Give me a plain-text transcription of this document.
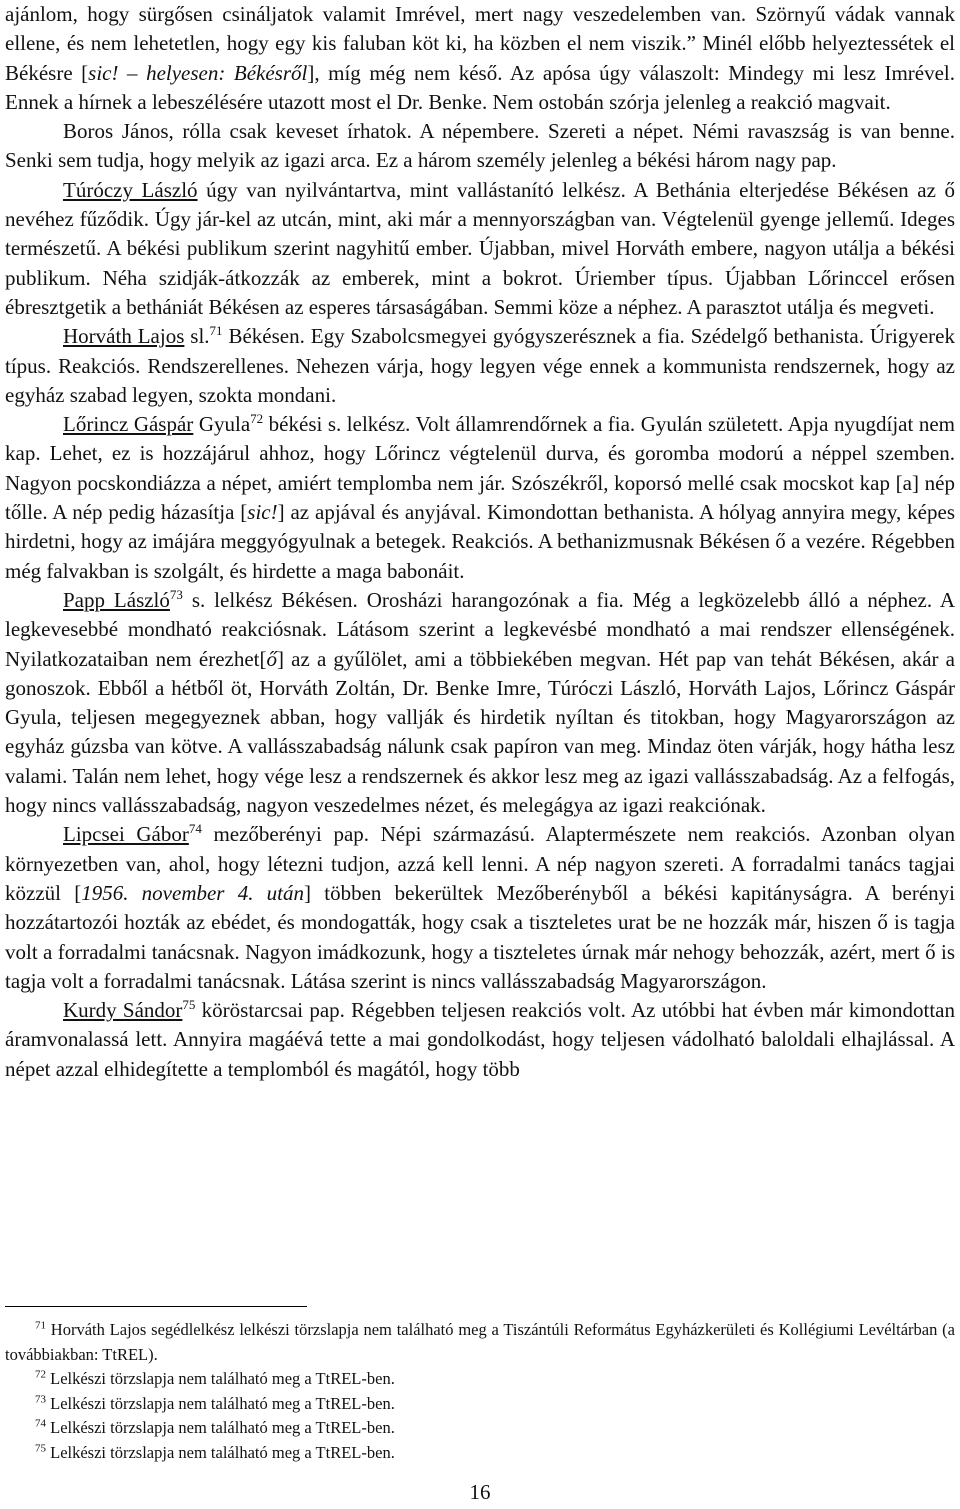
ajánlom, hogy sürgősen csináljatok valamit Imrével, mert nagy veszedelemben van. Szörnyű vádak vannak ellene, és nem lehetetlen, hogy egy kis faluban köt ki, ha közben el nem viszik.” Minél előbb helyeztessétek el Békésre [sic! – helyesen: Békésről], míg még nem késő. Az apósa úgy válaszolt: Mindegy mi lesz Imrével. Ennek a hírnek a lebeszélésére utazott most el Dr. Benke. Nem ostobán szórja jelenleg a reakció magvait.

Boros János, rólla csak keveset írhatok. A népembere. Szereti a népet. Némi ravaszság is van benne. Senki sem tudja, hogy melyik az igazi arca. Ez a három személy jelenleg a békési három nagy pap.

Túróczy László úgy van nyilvántartva, mint vallástanító lelkész. A Bethánia elterjedése Békésen az ő nevéhez fűződik. Úgy jár-kel az utcán, mint, aki már a mennyországban van. Végtelenül gyenge jellemű. Ideges természetű. A békési publikum szerint nagyhitű ember. Újabban, mivel Horváth embere, nagyon utálja a békési publikum. Néha szidják-átkozzák az emberek, mint a bokrot. Úriember típus. Újabban Lőrinccel erősen ébresztgetik a bethániát Békésen az esperes társaságában. Semmi köze a néphez. A parasztot utálja és megveti.

Horváth Lajos sl.$^{71}$ Békésen. Egy Szabolcsmegyei gyógyszerésznek a fia. Szédelgő bethanista. Úrigyerek típus. Reakciós. Rendszerellenes. Nehezen várja, hogy legyen vége ennek a kommunista rendszernek, hogy az egyház szabad legyen, szokta mondani.

Lőrincz Gáspár Gyula$^{72}$ békési s. lelkész. Volt államrendőrnek a fia. Gyulán született. Apja nyugdíjat nem kap. Lehet, ez is hozzájárul ahhoz, hogy Lőrincz végtelenül durva, és goromba modorú a néppel szemben. Nagyon pocskondiázza a népet, amiért templomba nem jár. Szószékről, koporsó mellé csak mocskot kap [a] nép tőlle. A nép pedig házasítja [sic!] az apjával és anyjával. Kimondottan bethanista. A hólyag annyira megy, képes hirdetni, hogy az imájára meggyógyulnak a betegek. Reakciós. A bethanizmusnak Békésen ő a vezére. Régebben még falvakban is szolgált, és hirdette a maga babonáit.

Papp László$^{73}$ s. lelkész Békésen. Orosházi harangozónak a fia. Még a legközelebb álló a néphez. A legkevesebbé mondható reakciósnak. Látásom szerint a legkevésbé mondható a mai rendszer ellenségének. Nyilatkozataiban nem érezhet[ő] az a gyűlölet, ami a többiekében megvan. Hét pap van tehát Békésen, akár a gonoszok. Ebből a hétből öt, Horváth Zoltán, Dr. Benke Imre, Túróczi László, Horváth Lajos, Lőrincz Gáspár Gyula, teljesen megegyeznek abban, hogy vallják és hirdetik nyíltan és titokban, hogy Magyarországon az egyház gúzsba van kötve. A vallásszabadság nálunk csak papíron van meg. Mindaz öten várják, hogy hátha lesz valami. Talán nem lehet, hogy vége lesz a rendszernek és akkor lesz meg az igazi vallásszabadság. Az a felfogás, hogy nincs vallásszabadság, nagyon veszedelmes nézet, és melegágya az igazi reakciónak.

Lipcsei Gábor$^{74}$ mezőberényi pap. Népi származású. Alaptermészete nem reakciós. Azonban olyan környezetben van, ahol, hogy létezni tudjon, azzá kell lenni. A nép nagyon szereti. A forradalmi tanács tagjai közzül [1956. november 4. után] többen bekerültek Mezőberényből a békési kapitányságra. A berényi hozzátartozói hozták az ebédet, és mondogatták, hogy csak a tiszteletes urat be ne hozzák már, hiszen ő is tagja volt a forradalmi tanácsnak. Nagyon imádkozunk, hogy a tiszteletes úrnak már nehogy behozzák, azért, mert ő is tagja volt a forradalmi tanácsnak. Látása szerint is nincs vallásszabadság Magyarországon.

Kurdy Sándor$^{75}$ köröstarcsai pap. Régebben teljesen reakciós volt. Az utóbbi hat évben már kimondottan áramvonalassá lett. Annyira magáévá tette a mai gondolkodást, hogy teljesen vádolható baloldali elhajlással. A népet azzal elhidegítette a templomból és magától, hogy több

$^{71}$ Horváth Lajos segédlelkész lelkészi törzslapja nem található meg a Tiszántúli Református Egyházkerületi és Kollégiumi Levéltárban (a továbbiakban: TtREL).

$^{72}$ Lelkészi törzslapja nem található meg a TtREL-ben.

$^{73}$ Lelkészi törzslapja nem található meg a TtREL-ben.

$^{74}$ Lelkészi törzslapja nem található meg a TtREL-ben.

$^{75}$ Lelkészi törzslapja nem található meg a TtREL-ben.

16
